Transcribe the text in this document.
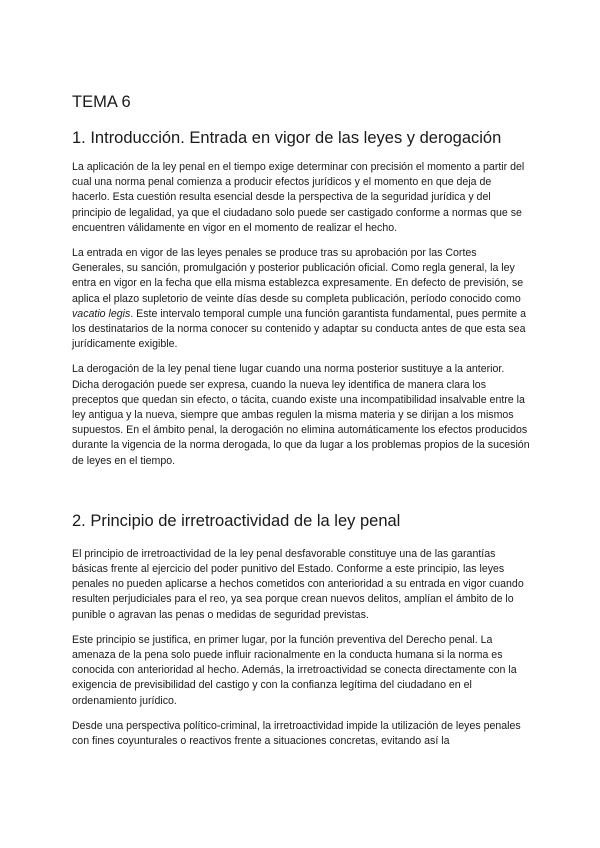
TEMA 6
1. Introducción. Entrada en vigor de las leyes y derogación

La aplicación de la ley penal en el tiempo exige determinar con precisión el momento a partir del cual una norma penal comienza a producir efectos jurídicos y el momento en que deja de hacerlo. Esta cuestión resulta esencial desde la perspectiva de la seguridad jurídica y del principio de legalidad, ya que el ciudadano solo puede ser castigado conforme a normas que se encuentren válidamente en vigor en el momento de realizar el hecho.

La entrada en vigor de las leyes penales se produce tras su aprobación por las Cortes Generales, su sanción, promulgación y posterior publicación oficial. Como regla general, la ley entra en vigor en la fecha que ella misma establezca expresamente. En defecto de previsión, se aplica el plazo supletorio de veinte días desde su completa publicación, período conocido como vacatio legis. Este intervalo temporal cumple una función garantista fundamental, pues permite a los destinatarios de la norma conocer su contenido y adaptar su conducta antes de que esta sea jurídicamente exigible.

La derogación de la ley penal tiene lugar cuando una norma posterior sustituye a la anterior. Dicha derogación puede ser expresa, cuando la nueva ley identifica de manera clara los preceptos que quedan sin efecto, o tácita, cuando existe una incompatibilidad insalvable entre la ley antigua y la nueva, siempre que ambas regulen la misma materia y se dirijan a los mismos supuestos. En el ámbito penal, la derogación no elimina automáticamente los efectos producidos durante la vigencia de la norma derogada, lo que da lugar a los problemas propios de la sucesión de leyes en el tiempo.

2. Principio de irretroactividad de la ley penal

El principio de irretroactividad de la ley penal desfavorable constituye una de las garantías básicas frente al ejercicio del poder punitivo del Estado. Conforme a este principio, las leyes penales no pueden aplicarse a hechos cometidos con anterioridad a su entrada en vigor cuando resulten perjudiciales para el reo, ya sea porque crean nuevos delitos, amplían el ámbito de lo punible o agravan las penas o medidas de seguridad previstas.

Este principio se justifica, en primer lugar, por la función preventiva del Derecho penal. La amenaza de la pena solo puede influir racionalmente en la conducta humana si la norma es conocida con anterioridad al hecho. Además, la irretroactividad se conecta directamente con la exigencia de previsibilidad del castigo y con la confianza legítima del ciudadano en el ordenamiento jurídico.

Desde una perspectiva político-criminal, la irretroactividad impide la utilización de leyes penales con fines coyunturales o reactivos frente a situaciones concretas, evitando así la
